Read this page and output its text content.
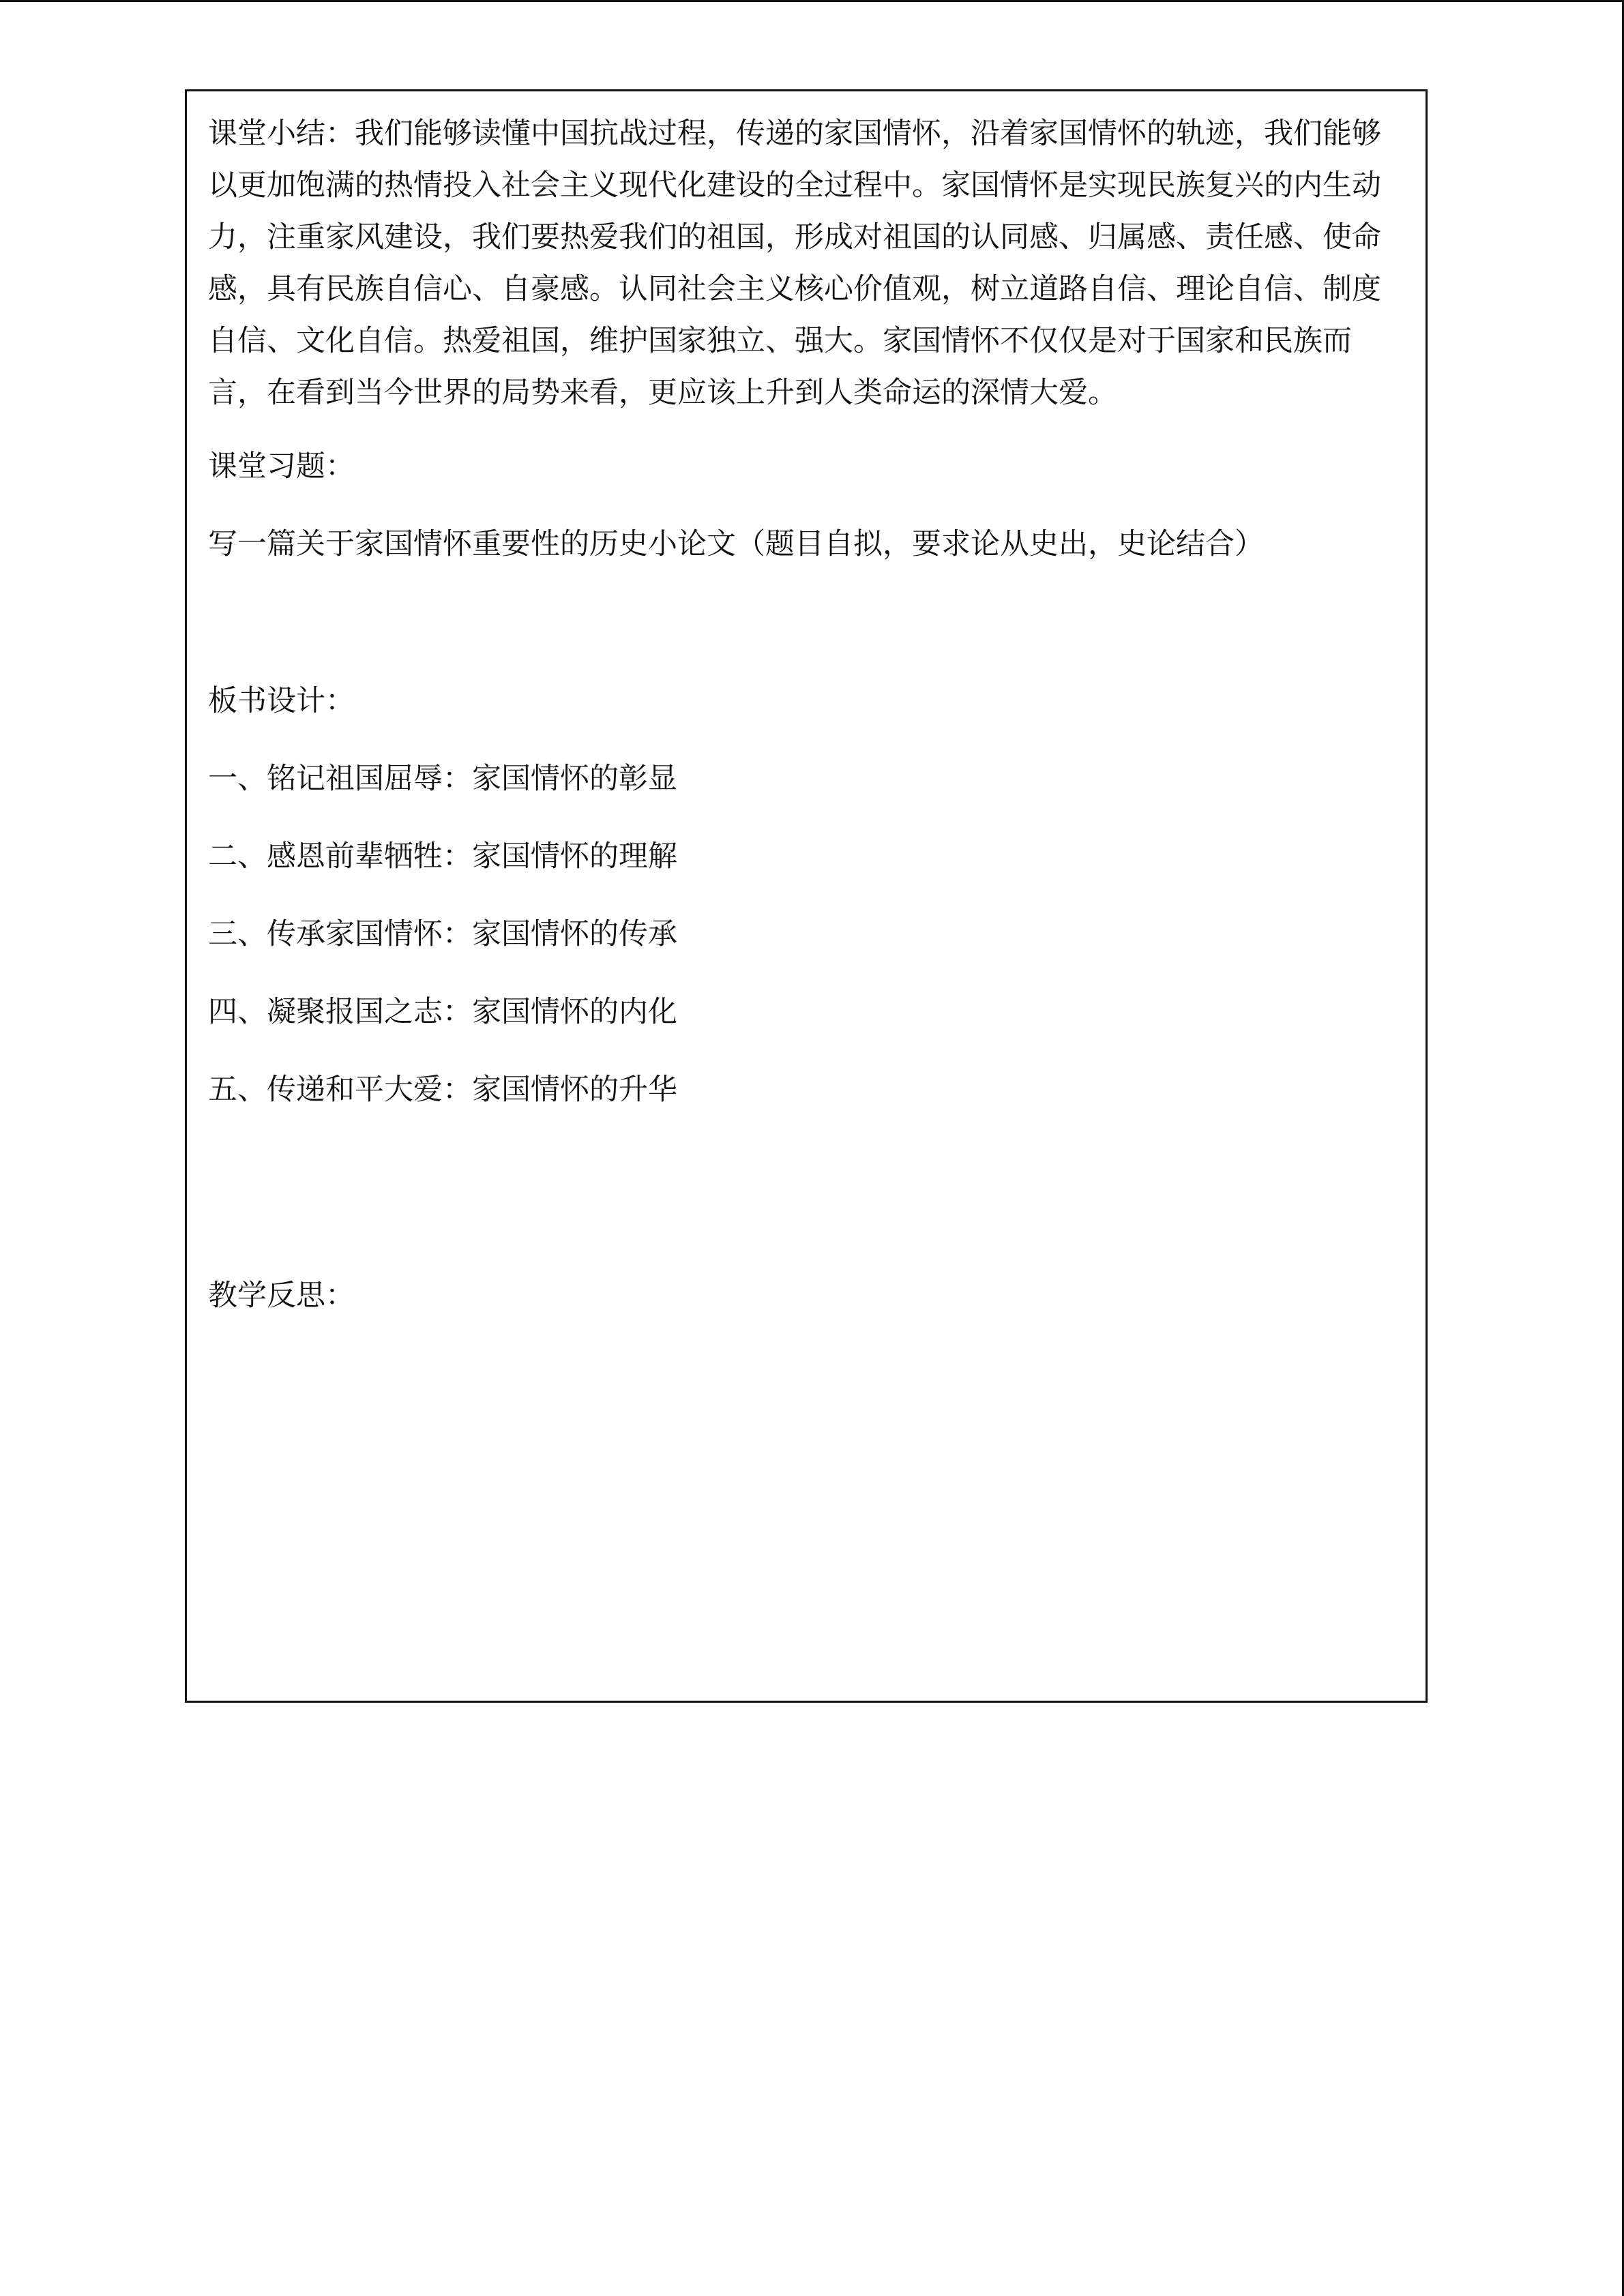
课堂小结：我们能够读懂中国抗战过程，传递的家国情怀，沿着家国情怀的轨迹，我们能够
以更加饱满的热情投入社会主义现代化建设的全过程中。家国情怀是实现民族复兴的内生动
力，注重家风建设，我们要热爱我们的祖国，形成对祖国的认同感、归属感、责任感、使命
感，具有民族自信心、自豪感。认同社会主义核心价值观，树立道路自信、理论自信、制度
自信、文化自信。热爱祖国，维护国家独立、强大。家国情怀不仅仅是对于国家和民族而
言，在看到当今世界的局势来看，更应该上升到人类命运的深情大爱。

课堂习题：

写一篇关于家国情怀重要性的历史小论文（题目自拟，要求论从史出，史论结合）

板书设计：

一、铭记祖国屈辱：家国情怀的彰显

二、感恩前辈牺牲：家国情怀的理解

三、传承家国情怀：家国情怀的传承

四、凝聚报国之志：家国情怀的内化

五、传递和平大爱：家国情怀的升华

教学反思：
